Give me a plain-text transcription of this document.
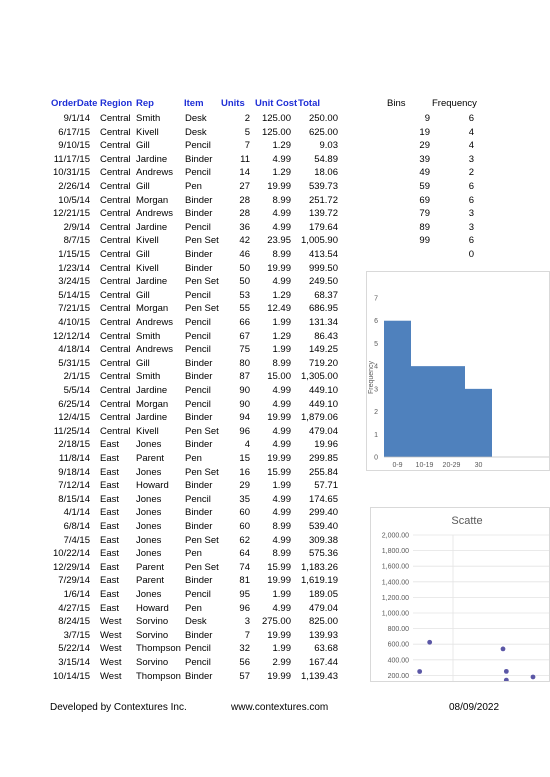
OrderDate Region Rep	Item Units Unit Cost Total
9/1/14 Central Smith	Desk	2 125.00 250.00
6/17/15 Central Kivell	Desk	5 125.00 625.00
9/10/15 Central Gill	Pencil	7 1.29	9.03
11/17/15 Central Jardine Binder	11 4.99 54.89
10/31/15 Central Andrews Pencil	14 1.29 18.06
2/26/14 Central Gill	Pen	27 19.99 539.73
10/5/14 Central Morgan Binder	28 8.99 251.72
12/21/15 Central Andrews Binder	28 4.99 139.72
2/9/14 Central Jardine Pencil	36 4.99 179.64
8/7/15 Central Kivell	Pen Set 42 23.95 1,005.90
1/15/15 Central Gill	Binder	46 8.99 413.54
1/23/14 Central Kivell	Binder	50 19.99 999.50
3/24/15 Central Jardine Pen Set 50 4.99 249.50
5/14/15 Central Gill	Pencil	53 1.29 68.37
7/21/15 Central Morgan Pen Set 55 12.49 686.95
4/10/15 Central Andrews Pencil	66 1.99 131.34
12/12/14 Central Smith	Pencil	67 1.29 86.43
4/18/14 Central Andrews Pencil	75 1.99 149.25
5/31/15 Central Gill	Binder	80 8.99 719.20
2/1/15 Central Smith	Binder	87 15.00 1,305.00
5/5/14 Central Jardine Pencil	90 4.99 449.10
6/25/14 Central Morgan Pencil	90 4.99 449.10
12/4/15 Central Jardine Binder	94 19.99 1,879.06
11/25/14 Central Kivell	Pen Set 96 4.99 479.04
2/18/15 East Jones Binder	4 4.99 19.96
11/8/14 East Parent Pen	15 19.99 299.85
9/18/14 East Jones Pen Set 16 15.99 255.84
7/12/14 East Howard Binder	29 1.99 57.71
8/15/14 East Jones Pencil	35 4.99 174.65
4/1/14 East Jones Binder	60 4.99 299.40
6/8/14 East Jones Binder	60 8.99 539.40
7/4/15 East Jones Pen Set 62 4.99 309.38
10/22/14 East Jones Pen	64 8.99 575.36
12/29/14 East Parent Pen Set 74 15.99 1,183.26
7/29/14 East Parent Binder	81 19.99 1,619.19
1/6/14 East Jones Pencil	95 1.99 189.05
4/27/15 East Howard Pen	96 4.99 479.04
8/24/15 West Sorvino Desk	3 275.00 825.00
3/7/15 West Sorvino Binder	7 19.99 139.93
5/22/14 West Thompson Pencil	32 1.99 63.68
3/15/14 West Sorvino Pencil	56 2.99 167.44
10/14/15 West Thompson Binder	57 19.99 1,139.43
Bins	Frequency
9	6
19	4
29	4
39	3
49	2
59	6
69	6
79	3
89	3
99	6
0
0
1
2
3
4
5
6
7
Frequency
0-9 10-19 20-29 30
Scatte
200.00
400.00
600.00
800.00
1,000.00
1,200.00
1,400.00
1,600.00
1,800.00
2,000.00
Developed by Contextures Inc.	www.contextures.com	08/09/2022
